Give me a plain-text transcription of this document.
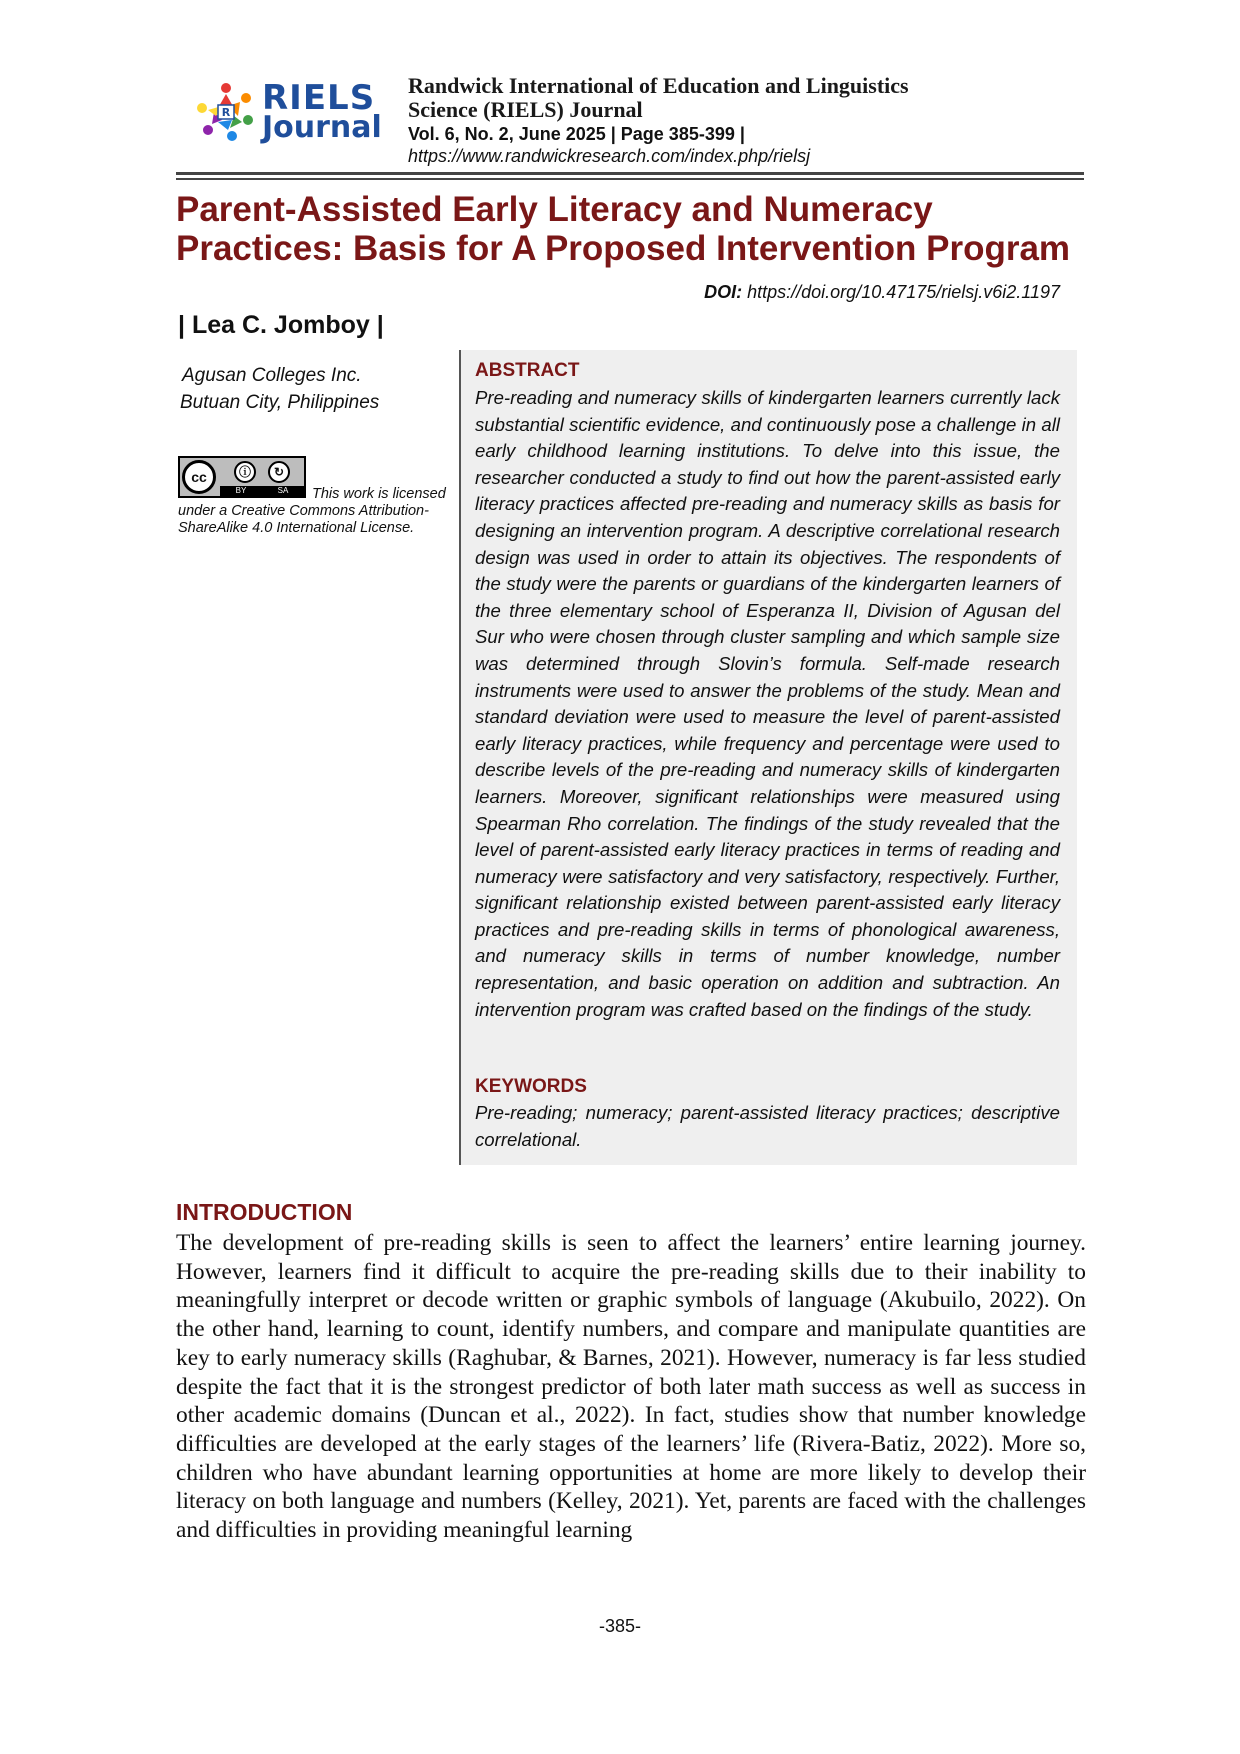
R RIELS
Journal
Randwick International of Education and Linguistics
Science (RIELS) Journal
Vol. 6, No. 2, June 2025 | Page 385-399 |
https://www.randwickresearch.com/index.php/rielsj
Parent-Assisted Early Literacy and Numeracy Practices: Basis for A Proposed Intervention Program
DOI: https://doi.org/10.47175/rielsj.v6i2.1197
| Lea C. Jomboy |
Agusan Colleges Inc.
Butuan City, Philippines
cc	ⓘ	↻
BY	SA	This work is licensed
under a Creative Commons Attribution-
ShareAlike 4.0 International License.
ABSTRACT
Pre-reading and numeracy skills of kindergarten learners currently lack substantial scientific evidence, and continuously pose a challenge in all early childhood learning institutions. To delve into this issue, the researcher conducted a study to find out how the parent-assisted early literacy practices affected pre-reading and numeracy skills as basis for designing an intervention program. A descriptive correlational research design was used in order to attain its objectives. The respondents of the study were the parents or guardians of the kindergarten learners of the three elementary school of Esperanza II, Division of Agusan del Sur who were chosen through cluster sampling and which sample size was determined through Slovin’s formula. Self-made research instruments were used to answer the problems of the study. Mean and standard deviation were used to measure the level of parent-assisted early literacy practices, while frequency and percentage were used to describe levels of the pre-reading and numeracy skills of kindergarten learners. Moreover, significant relationships were measured using Spearman Rho correlation. The findings of the study revealed that the level of parent-assisted early literacy practices in terms of reading and numeracy were satisfactory and very satisfactory, respectively. Further, significant relationship existed between parent-assisted early literacy practices and pre-reading skills in terms of phonological awareness, and numeracy skills in terms of number knowledge, number representation, and basic operation on addition and subtraction. An intervention program was crafted based on the findings of the study.
KEYWORDS
Pre-reading; numeracy; parent-assisted literacy practices; descriptive correlational.
INTRODUCTION
The development of pre-reading skills is seen to affect the learners’ entire learning journey. However, learners find it difficult to acquire the pre-reading skills due to their inability to meaningfully interpret or decode written or graphic symbols of language (Akubuilo, 2022). On the other hand, learning to count, identify numbers, and compare and manipulate quantities are key to early numeracy skills (Raghubar, & Barnes, 2021). However, numeracy is far less studied despite the fact that it is the strongest predictor of both later math success as well as success in other academic domains (Duncan et al., 2022). In fact, studies show that number knowledge difficulties are developed at the early stages of the learners’ life (Rivera-Batiz, 2022). More so, children who have abundant learning opportunities at home are more likely to develop their literacy on both language and numbers (Kelley, 2021). Yet, parents are faced with the challenges and difficulties in providing meaningful learning
-385-
